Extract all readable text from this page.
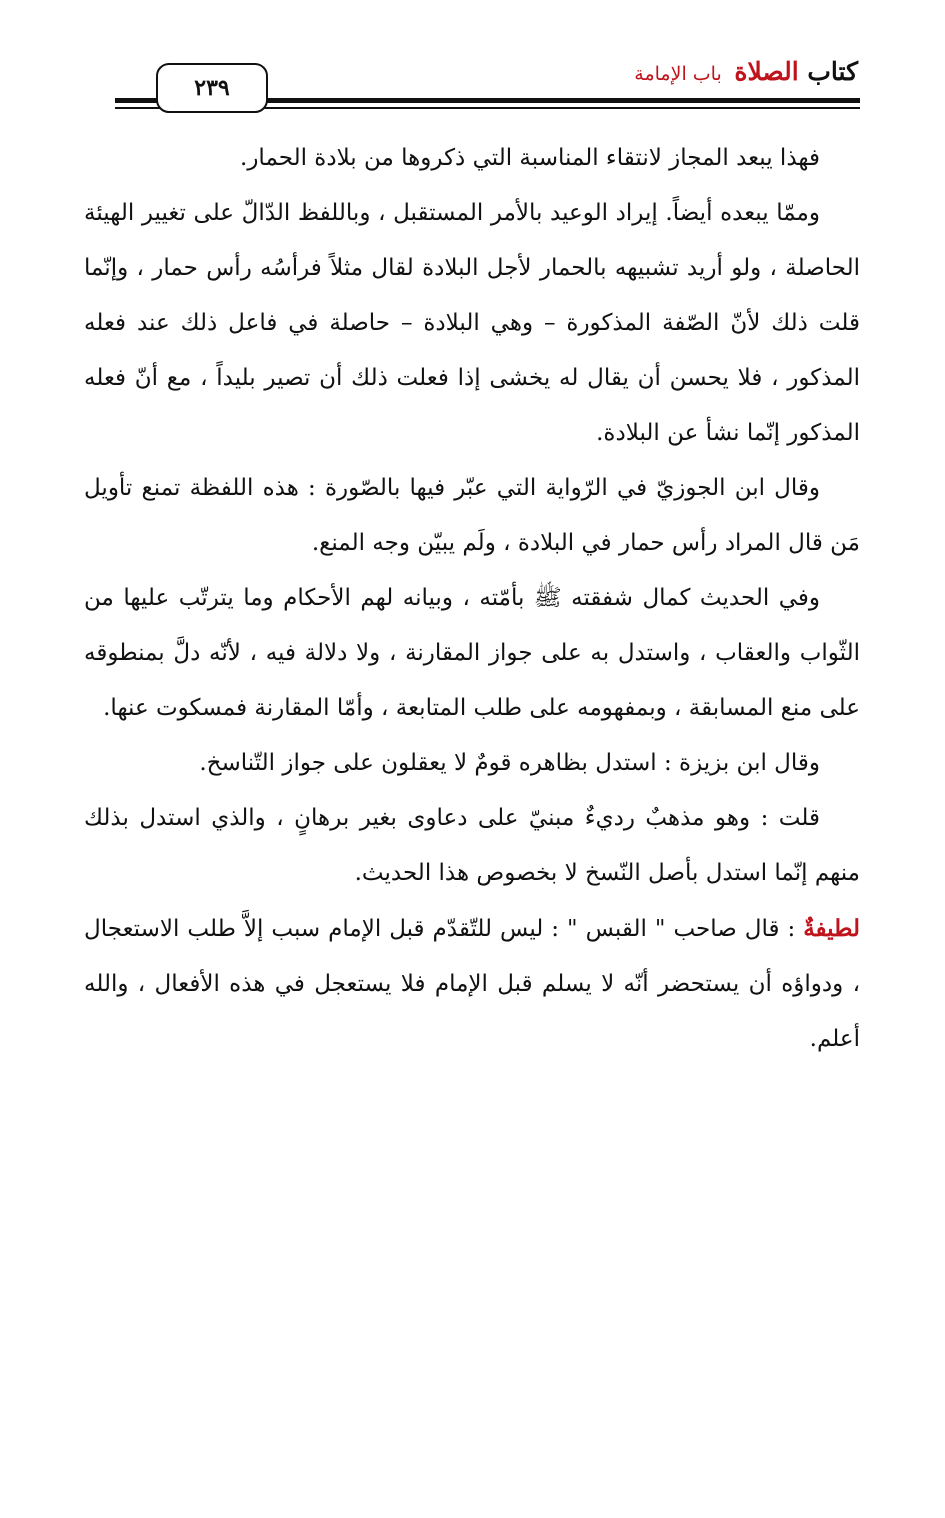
كتاب الصلاة باب الإمامة
٢٣٩

فهذا يبعد المجاز لانتقاء المناسبة التي ذكروها من بلادة الحمار.

وممّا يبعده أيضاً. إيراد الوعيد بالأمر المستقبل ، وباللفظ الدّالّ على تغيير الهيئة الحاصلة ، ولو أريد تشبيهه بالحمار لأجل البلادة لقال مثلاً فرأسُه رأس حمار ، وإنّما قلت ذلك لأنّ الصّفة المذكورة – وهي البلادة – حاصلة في فاعل ذلك عند فعله المذكور ، فلا يحسن أن يقال له يخشى إذا فعلت ذلك أن تصير بليداً ، مع أنّ فعله المذكور إنّما نشأ عن البلادة.

وقال ابن الجوزيّ في الرّواية التي عبّر فيها بالصّورة : هذه اللفظة تمنع تأويل مَن قال المراد رأس حمار في البلادة ، ولَم يبيّن وجه المنع.

وفي الحديث كمال شفقته ﷺ بأمّته ، وبيانه لهم الأحكام وما يترتّب عليها من الثّواب والعقاب ، واستدل به على جواز المقارنة ، ولا دلالة فيه ، لأنّه دلَّ بمنطوقه على منع المسابقة ، وبمفهومه على طلب المتابعة ، وأمّا المقارنة فمسكوت عنها.

وقال ابن بزيزة : استدل بظاهره قومٌ لا يعقلون على جواز التّناسخ.

قلت : وهو مذهبٌ رديءٌ مبنيّ على دعاوى بغير برهانٍ ، والذي استدل بذلك منهم إنّما استدل بأصل النّسخ لا بخصوص هذا الحديث.

لطيفةٌ : قال صاحب " القبس " : ليس للتّقدّم قبل الإمام سبب إلاَّ طلب الاستعجال ، ودواؤه أن يستحضر أنّه لا يسلم قبل الإمام فلا يستعجل في هذه الأفعال ، والله أعلم.
